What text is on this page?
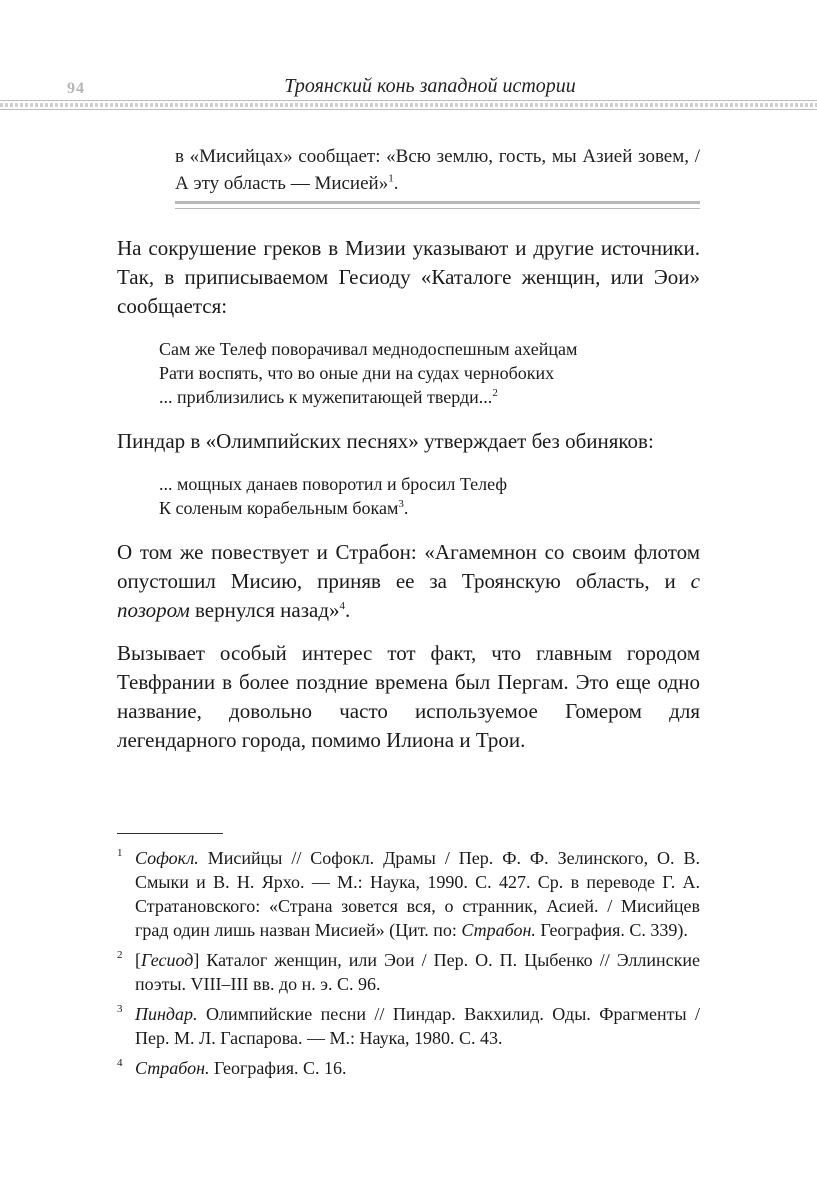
94	Троянский конь западной истории
в «Мисийцах» сообщает: «Всю землю, гость, мы Азией зовем, / А эту область — Мисией»$^1$.

На сокрушение греков в Мизии указывают и другие источники. Так, в приписываемом Гесиоду «Каталоге женщин, или Эои» сообщается:

Сам же Телеф поворачивал меднодоспешным ахейцам
Рати воспять, что во оные дни на судах чернобоких
... приблизились к мужепитающей тверди...$^2$

Пиндар в «Олимпийских песнях» утверждает без обиняков:

... мощных данаев поворотил и бросил Телеф
К соленым корабельным бокам$^3$.

О том же повествует и Страбон: «Агамемнон со своим флотом опустошил Мисию, приняв ее за Троянскую область, и с позором вернулся назад»$^4$.

Вызывает особый интерес тот факт, что главным городом Тевфрании в более поздние времена был Пергам. Это еще одно название, довольно часто используемое Гомером для легендарного города, помимо Илиона и Трои.

1 Софокл. Мисийцы // Софокл. Драмы / Пер. Ф. Ф. Зелинского, О. В. Смыки и В. Н. Ярхо. — М.: Наука, 1990. С. 427. Ср. в переводе Г. А. Стратановского: «Страна зовется вся, о странник, Асией. / Мисийцев град один лишь назван Мисией» (Цит. по: Страбон. География. С. 339).
2 [Гесиод] Каталог женщин, или Эои / Пер. О. П. Цыбенко // Эллинские поэты. VIII–III вв. до н. э. С. 96.
3 Пиндар. Олимпийские песни // Пиндар. Вакхилид. Оды. Фрагменты / Пер. М. Л. Гаспарова. — М.: Наука, 1980. С. 43.
4 Страбон. География. С. 16.
